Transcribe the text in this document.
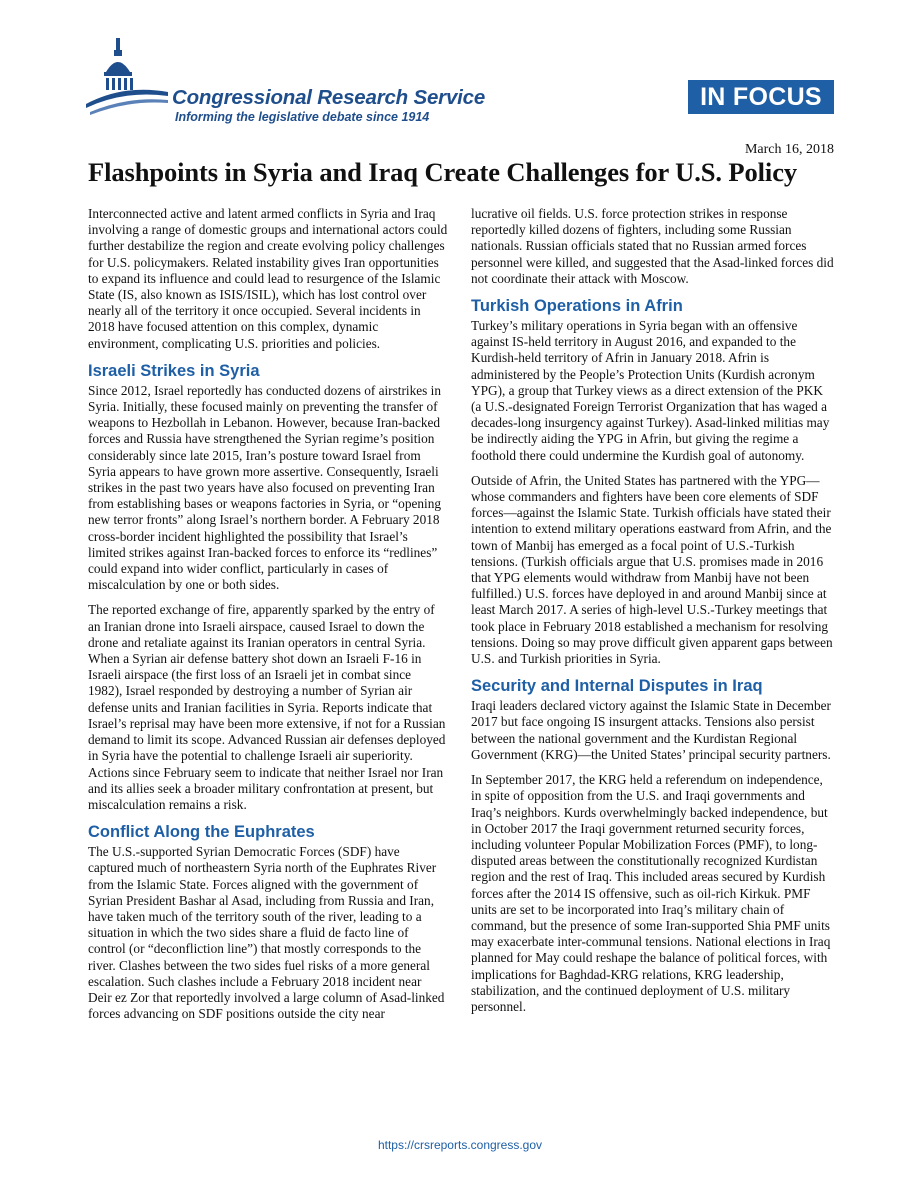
Congressional Research Service
Informing the legislative debate since 1914
IN FOCUS
March 16, 2018
Flashpoints in Syria and Iraq Create Challenges for U.S. Policy

Interconnected active and latent armed conflicts in Syria and Iraq involving a range of domestic groups and international actors could further destabilize the region and create evolving policy challenges for U.S. policymakers. Related instability gives Iran opportunities to expand its influence and could lead to resurgence of the Islamic State (IS, also known as ISIS/ISIL), which has lost control over nearly all of the territory it once occupied. Several incidents in 2018 have focused attention on this complex, dynamic environment, complicating U.S. priorities and policies.

Israeli Strikes in Syria

Since 2012, Israel reportedly has conducted dozens of airstrikes in Syria. Initially, these focused mainly on preventing the transfer of weapons to Hezbollah in Lebanon. However, because Iran-backed forces and Russia have strengthened the Syrian regime’s position considerably since late 2015, Iran’s posture toward Israel from Syria appears to have grown more assertive. Consequently, Israeli strikes in the past two years have also focused on preventing Iran from establishing bases or weapons factories in Syria, or “opening new terror fronts” along Israel’s northern border. A February 2018 cross-border incident highlighted the possibility that Israel’s limited strikes against Iran-backed forces to enforce its “redlines” could expand into wider conflict, particularly in cases of miscalculation by one or both sides.

The reported exchange of fire, apparently sparked by the entry of an Iranian drone into Israeli airspace, caused Israel to down the drone and retaliate against its Iranian operators in central Syria. When a Syrian air defense battery shot down an Israeli F-16 in Israeli airspace (the first loss of an Israeli jet in combat since 1982), Israel responded by destroying a number of Syrian air defense units and Iranian facilities in Syria. Reports indicate that Israel’s reprisal may have been more extensive, if not for a Russian demand to limit its scope. Advanced Russian air defenses deployed in Syria have the potential to challenge Israeli air superiority. Actions since February seem to indicate that neither Israel nor Iran and its allies seek a broader military confrontation at present, but miscalculation remains a risk.

Conflict Along the Euphrates

The U.S.-supported Syrian Democratic Forces (SDF) have captured much of northeastern Syria north of the Euphrates River from the Islamic State. Forces aligned with the government of Syrian President Bashar al Asad, including from Russia and Iran, have taken much of the territory south of the river, leading to a situation in which the two sides share a fluid de facto line of control (or “deconfliction line”) that mostly corresponds to the river. Clashes between the two sides fuel risks of a more general escalation. Such clashes include a February 2018 incident near Deir ez Zor that reportedly involved a large column of Asad-linked forces advancing on SDF positions outside the city near

lucrative oil fields. U.S. force protection strikes in response reportedly killed dozens of fighters, including some Russian nationals. Russian officials stated that no Russian armed forces personnel were killed, and suggested that the Asad-linked forces did not coordinate their attack with Moscow.

Turkish Operations in Afrin

Turkey’s military operations in Syria began with an offensive against IS-held territory in August 2016, and expanded to the Kurdish-held territory of Afrin in January 2018. Afrin is administered by the People’s Protection Units (Kurdish acronym YPG), a group that Turkey views as a direct extension of the PKK (a U.S.-designated Foreign Terrorist Organization that has waged a decades-long insurgency against Turkey). Asad-linked militias may be indirectly aiding the YPG in Afrin, but giving the regime a foothold there could undermine the Kurdish goal of autonomy.

Outside of Afrin, the United States has partnered with the YPG—whose commanders and fighters have been core elements of SDF forces—against the Islamic State. Turkish officials have stated their intention to extend military operations eastward from Afrin, and the town of Manbij has emerged as a focal point of U.S.-Turkish tensions. (Turkish officials argue that U.S. promises made in 2016 that YPG elements would withdraw from Manbij have not been fulfilled.) U.S. forces have deployed in and around Manbij since at least March 2017. A series of high-level U.S.-Turkey meetings that took place in February 2018 established a mechanism for resolving tensions. Doing so may prove difficult given apparent gaps between U.S. and Turkish priorities in Syria.

Security and Internal Disputes in Iraq

Iraqi leaders declared victory against the Islamic State in December 2017 but face ongoing IS insurgent attacks. Tensions also persist between the national government and the Kurdistan Regional Government (KRG)—the United States’ principal security partners.

In September 2017, the KRG held a referendum on independence, in spite of opposition from the U.S. and Iraqi governments and Iraq’s neighbors. Kurds overwhelmingly backed independence, but in October 2017 the Iraqi government returned security forces, including volunteer Popular Mobilization Forces (PMF), to long-disputed areas between the constitutionally recognized Kurdistan region and the rest of Iraq. This included areas secured by Kurdish forces after the 2014 IS offensive, such as oil-rich Kirkuk. PMF units are set to be incorporated into Iraq’s military chain of command, but the presence of some Iran-supported Shia PMF units may exacerbate inter-communal tensions. National elections in Iraq planned for May could reshape the balance of political forces, with implications for Baghdad-KRG relations, KRG leadership, stabilization, and the continued deployment of U.S. military personnel.

https://crsreports.congress.gov
